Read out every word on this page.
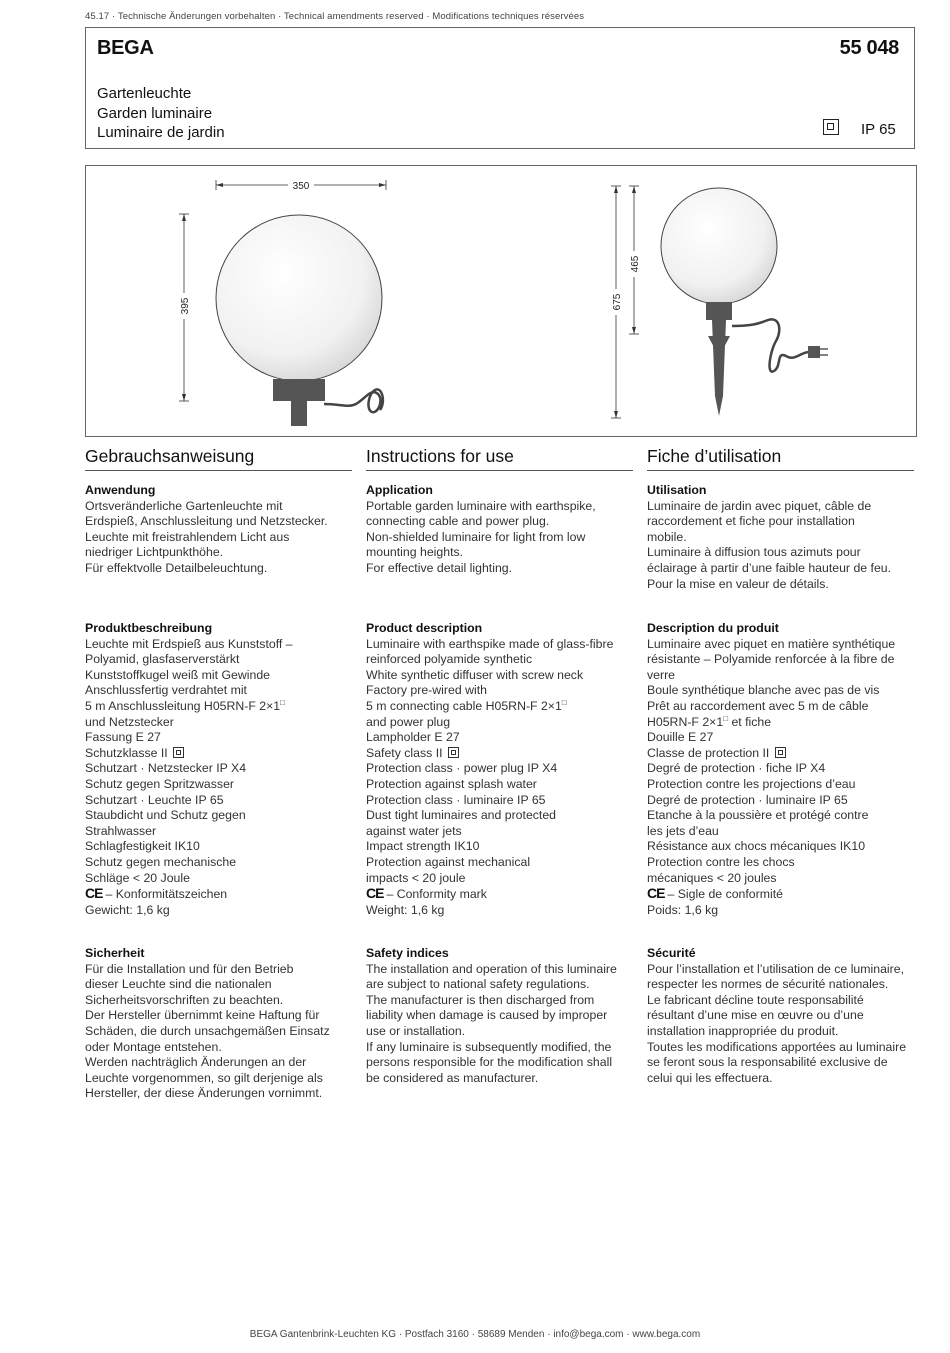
45.17 · Technische Änderungen vorbehalten · Technical amendments reserved · Modifications techniques réservées
BEGA	55 048
Gartenleuchte
Garden luminaire
Luminaire de jardin	IP 65
350
395	675
465
Gebrauchsanweisung
Anwendung
Ortsveränderliche Gartenleuchte mit
Erdspieß, Anschlussleitung und Netzstecker.
Leuchte mit freistrahlendem Licht aus
niedriger Lichtpunkthöhe.
Für effektvolle Detailbeleuchtung.
Produktbeschreibung
Leuchte mit Erdspieß aus Kunststoff –
Polyamid, glasfaserverstärkt
Kunststoffkugel weiß mit Gewinde
Anschlussfertig verdrahtet mit
5 m Anschlussleitung H05RN-F 2×1□
und Netzstecker
Fassung E 27
Schutzklasse II
Schutzart · Netzstecker IP X4
Schutz gegen Spritzwasser
Schutzart · Leuchte IP 65
Staubdicht und Schutz gegen
Strahlwasser
Schlagfestigkeit IK10
Schutz gegen mechanische
Schläge < 20 Joule
CE – Konformitätszeichen
Gewicht: 1,6 kg
Sicherheit
Für die Installation und für den Betrieb
dieser Leuchte sind die nationalen
Sicherheitsvorschriften zu beachten.
Der Hersteller übernimmt keine Haftung für
Schäden, die durch unsachgemäßen Einsatz
oder Montage entstehen.
Werden nachträglich Änderungen an der
Leuchte vorgenommen, so gilt derjenige als
Hersteller, der diese Änderungen vornimmt.
Instructions for use
Application
Portable garden luminaire with earthspike,
connecting cable and power plug.
Non-shielded luminaire for light from low
mounting heights.
For effective detail lighting.
Product description
Luminaire with earthspike made of glass-fibre
reinforced polyamide synthetic
White synthetic diffuser with screw neck
Factory pre-wired with
5 m connecting cable H05RN-F 2×1□
and power plug
Lampholder E 27
Safety class II
Protection class · power plug IP X4
Protection against splash water
Protection class · luminaire IP 65
Dust tight luminaires and protected
against water jets
Impact strength IK10
Protection against mechanical
impacts < 20 joule
CE – Conformity mark
Weight: 1,6 kg
Safety indices
The installation and operation of this luminaire
are subject to national safety regulations.
The manufacturer is then discharged from
liability when damage is caused by improper
use or installation.
If any luminaire is subsequently modified, the
persons responsible for the modification shall
be considered as manufacturer.
Fiche d’utilisation
Utilisation
Luminaire de jardin avec piquet, câble de
raccordement et fiche pour installation
mobile.
Luminaire à diffusion tous azimuts pour
éclairage à partir d’une faible hauteur de feu.
Pour la mise en valeur de détails.
Description du produit
Luminaire avec piquet en matière synthétique
résistante – Polyamide renforcée à la fibre de
verre
Boule synthétique blanche avec pas de vis
Prêt au raccordement avec 5 m de câble
H05RN-F 2×1□ et fiche
Douille E 27
Classe de protection II
Degré de protection · fiche IP X4
Protection contre les projections d’eau
Degré de protection · luminaire IP 65
Etanche à la poussière et protégé contre
les jets d’eau
Résistance aux chocs mécaniques IK10
Protection contre les chocs
mécaniques < 20 joules
CE – Sigle de conformité
Poids: 1,6 kg
Sécurité
Pour l’installation et l’utilisation de ce luminaire,
respecter les normes de sécurité nationales.
Le fabricant décline toute responsabilité
résultant d’une mise en œuvre ou d’une
installation inappropriée du produit.
Toutes les modifications apportées au luminaire
se feront sous la responsabilité exclusive de
celui qui les effectuera.
BEGA Gantenbrink-Leuchten KG · Postfach 3160 · 58689 Menden · info@bega.com · www.bega.com
